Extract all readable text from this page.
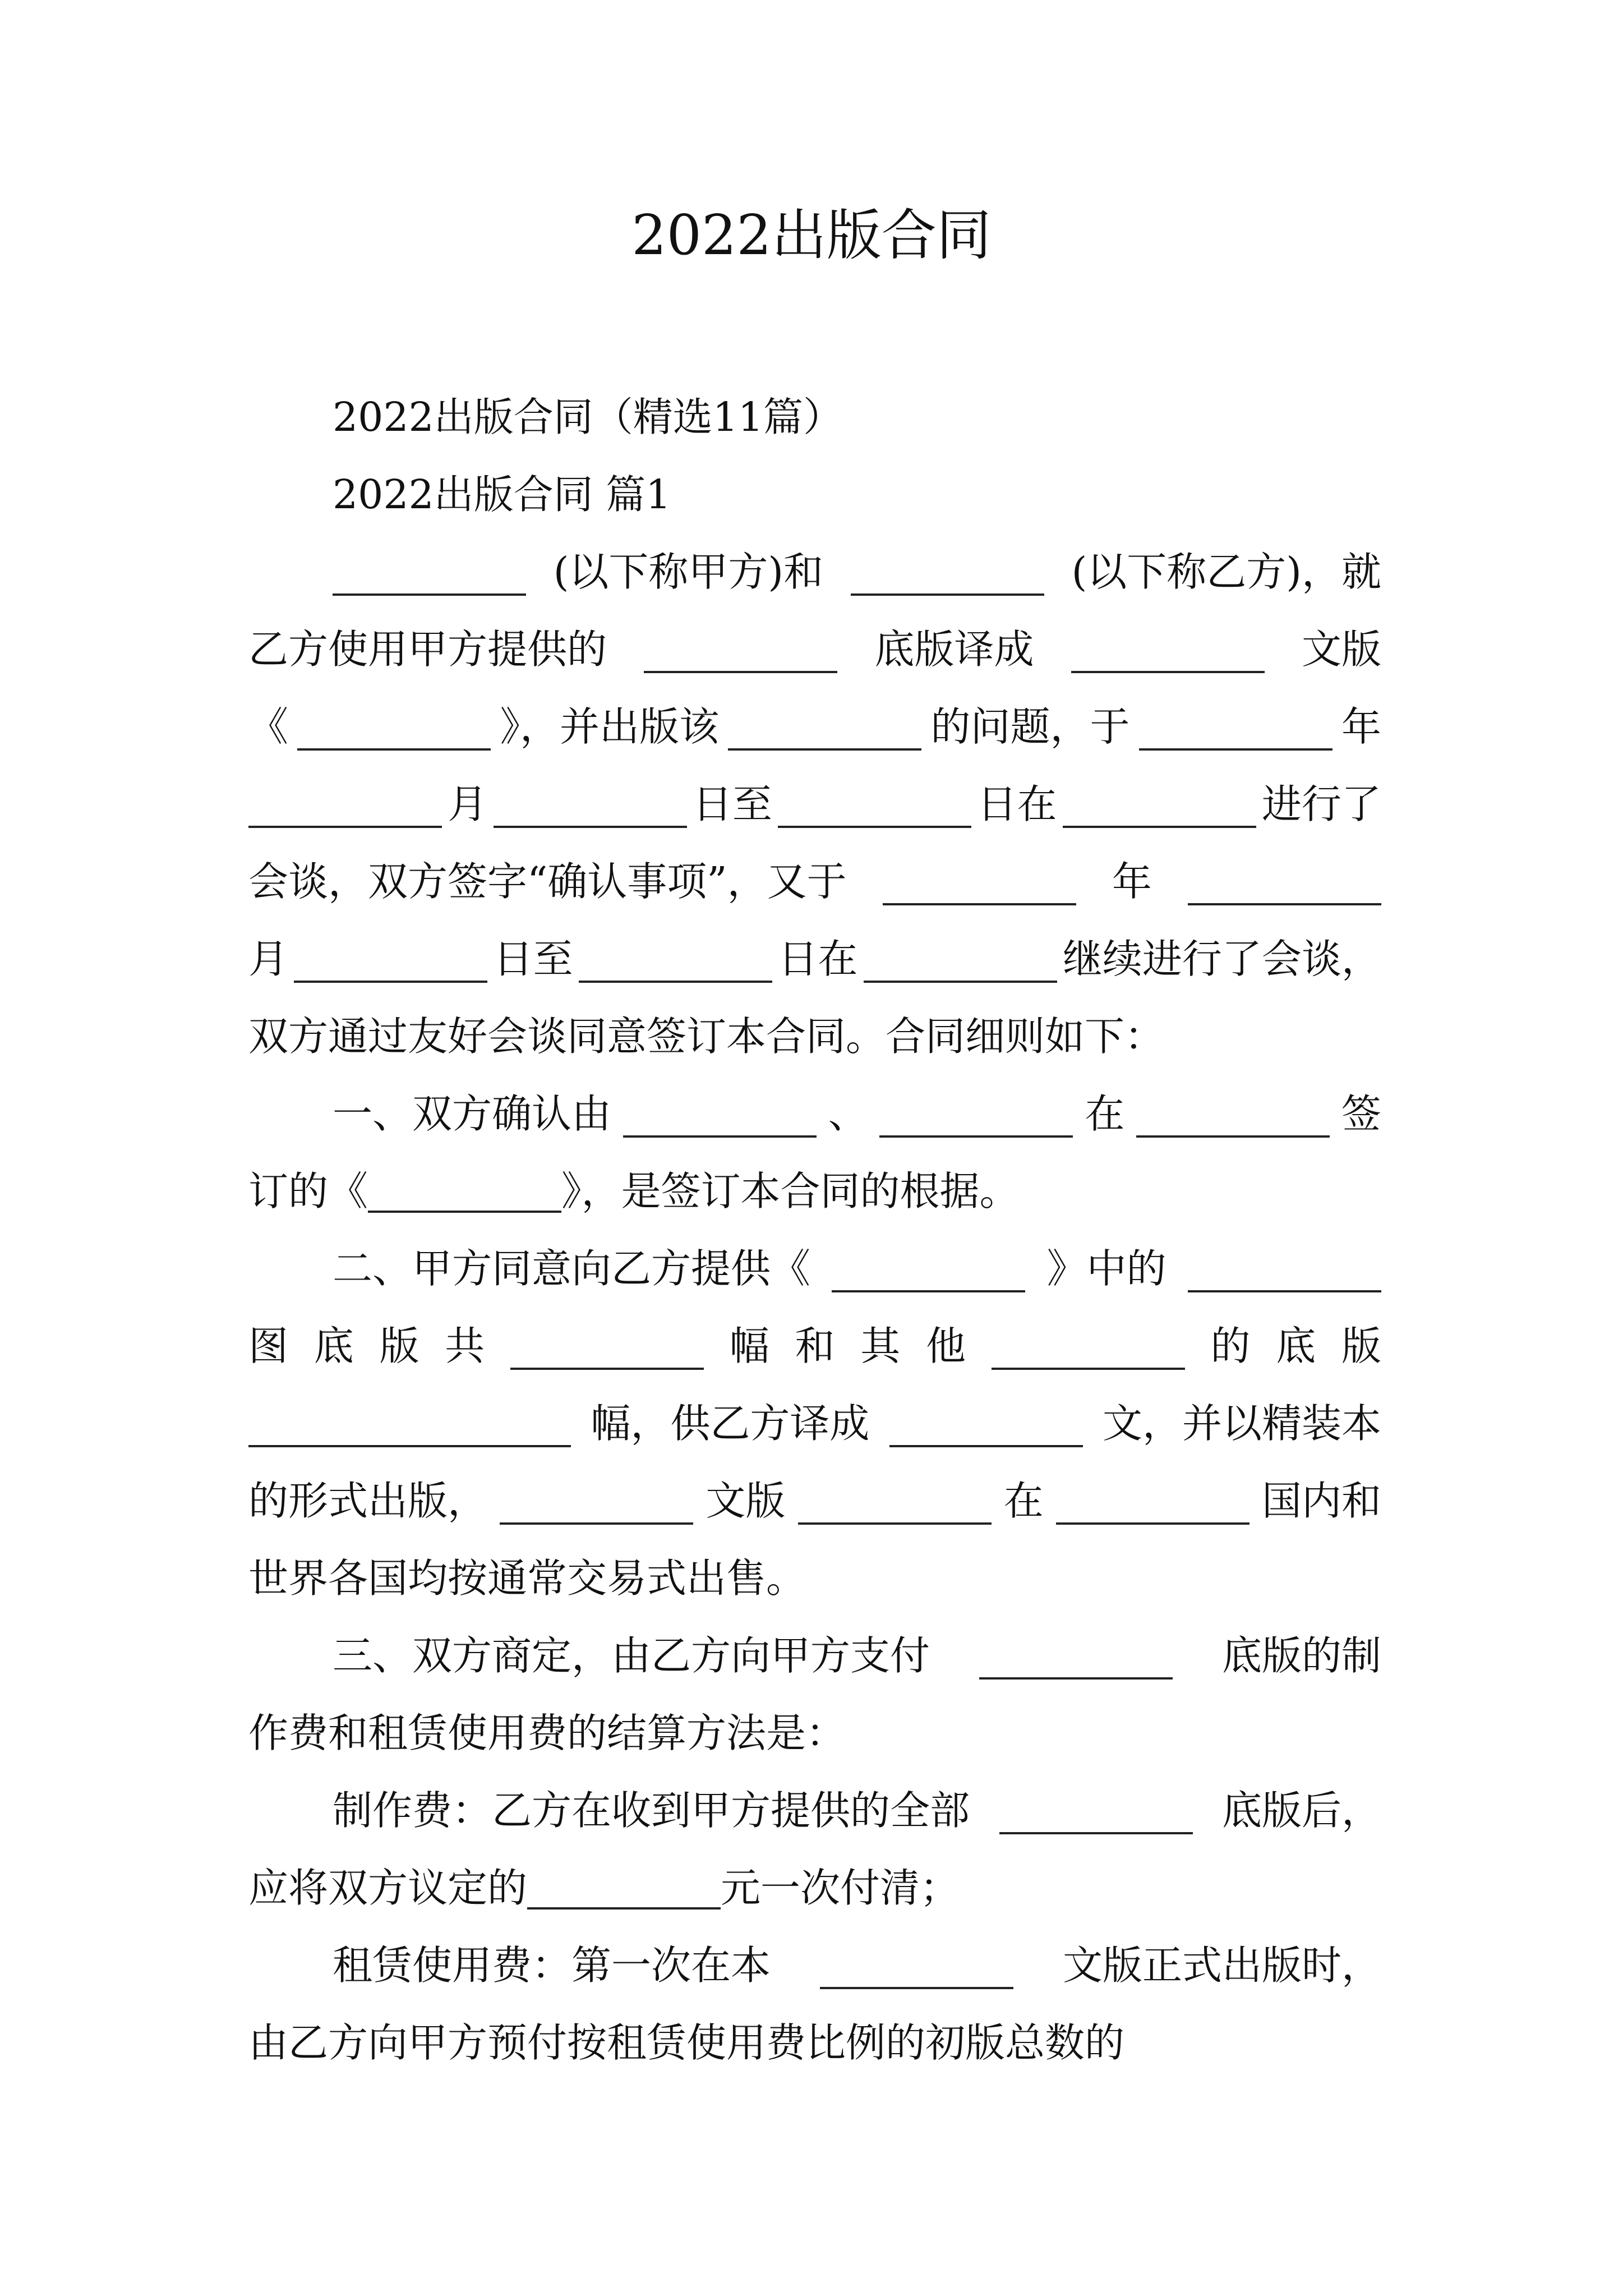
2022出版合同
2022出版合同（精选11篇）
2022出版合同 篇1
(以下称甲方)和	(以下称乙方)，就
乙方使用甲方提供的	底版译成	文版
《	》，并出版该	的问题，于	年
月	日至	日在	进行了
会谈，双方签字“确认事项”，又于	年
月	日至	日在	继续进行了会谈，
双方通过友好会谈同意签订本合同。合同细则如下：
一、双方确认由	、	在	签
订的《	》，是签订本合同的根据。
二、甲方同意向乙方提供《	》中的
图 底 版 共	幅 和 其 他	的 底 版
幅，供乙方译成	文，并以精装本
的形式出版，	文版	在	国内和
世界各国均按通常交易式出售。
三、双方商定，由乙方向甲方支付	底版的制
作费和租赁使用费的结算方法是：
制作费：乙方在收到甲方提供的全部	底版后，
应将双方议定的	元一次付清；
租赁使用费：第一次在本	文版正式出版时，
由乙方向甲方预付按租赁使用费比例的初版总数的
